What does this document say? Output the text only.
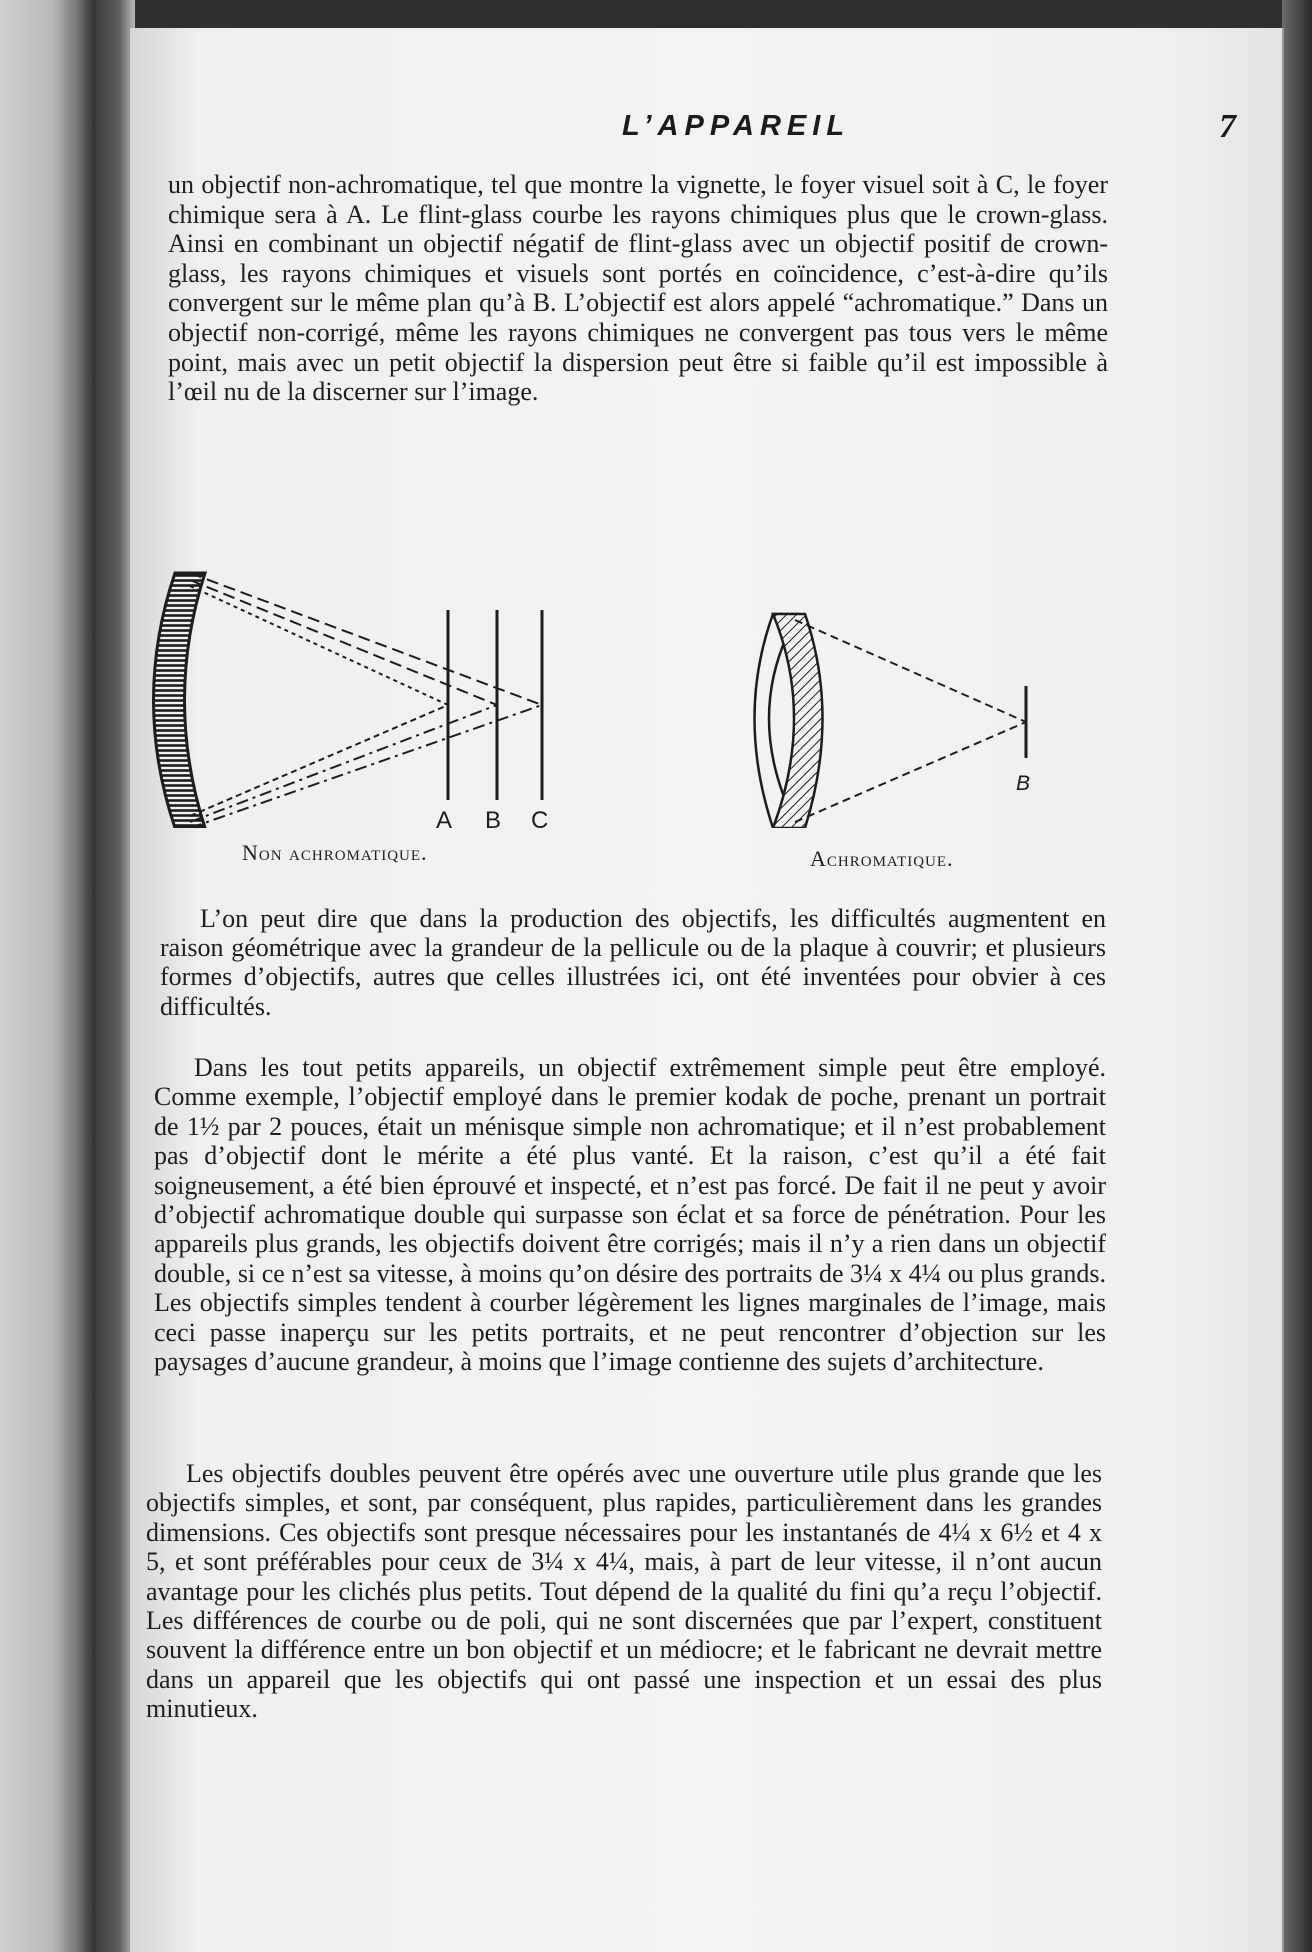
L’APPAREIL	7

un objectif non-achromatique, tel que montre la vignette, le foyer visuel soit à C, le foyer chimique sera à A. Le flint-glass courbe les rayons chimiques plus que le crown-glass. Ainsi en combinant un objectif négatif de flint-glass avec un objectif positif de crown-glass, les rayons chimiques et visuels sont portés en coïncidence, c’est-à-dire qu’ils convergent sur le même plan qu’à B. L’objectif est alors appelé “achromatique.” Dans un objectif non-corrigé, même les rayons chimiques ne convergent pas tous vers le même point, mais avec un petit objectif la dispersion peut être si faible qu’il est impossible à l’œil nu de la discerner sur l’image.

A B C
B
Non achromatique.	Achromatique.

L’on peut dire que dans la production des objectifs, les difficultés augmentent en raison géométrique avec la grandeur de la pellicule ou de la plaque à couvrir; et plusieurs formes d’objectifs, autres que celles illustrées ici, ont été inventées pour obvier à ces difficultés.

Dans les tout petits appareils, un objectif extrêmement simple peut être employé. Comme exemple, l’objectif employé dans le premier kodak de poche, prenant un portrait de 1½ par 2 pouces, était un ménisque simple non achromatique; et il n’est probablement pas d’objectif dont le mérite a été plus vanté. Et la raison, c’est qu’il a été fait soigneusement, a été bien éprouvé et inspecté, et n’est pas forcé. De fait il ne peut y avoir d’objectif achromatique double qui surpasse son éclat et sa force de pénétration. Pour les appareils plus grands, les objectifs doivent être corrigés; mais il n’y a rien dans un objectif double, si ce n’est sa vitesse, à moins qu’on désire des portraits de 3¼ x 4¼ ou plus grands. Les objectifs simples tendent à courber légèrement les lignes marginales de l’image, mais ceci passe inaperçu sur les petits portraits, et ne peut rencontrer d’objection sur les paysages d’aucune grandeur, à moins que l’image contienne des sujets d’architecture.

Les objectifs doubles peuvent être opérés avec une ouverture utile plus grande que les objectifs simples, et sont, par conséquent, plus rapides, particulièrement dans les grandes dimensions. Ces objectifs sont presque nécessaires pour les instantanés de 4¼ x 6½ et 4 x 5, et sont préférables pour ceux de 3¼ x 4¼, mais, à part de leur vitesse, il n’ont aucun avantage pour les clichés plus petits. Tout dépend de la qualité du fini qu’a reçu l’objectif. Les différences de courbe ou de poli, qui ne sont discernées que par l’expert, constituent souvent la différence entre un bon objectif et un médiocre; et le fabricant ne devrait mettre dans un appareil que les objectifs qui ont passé une inspection et un essai des plus minutieux.
